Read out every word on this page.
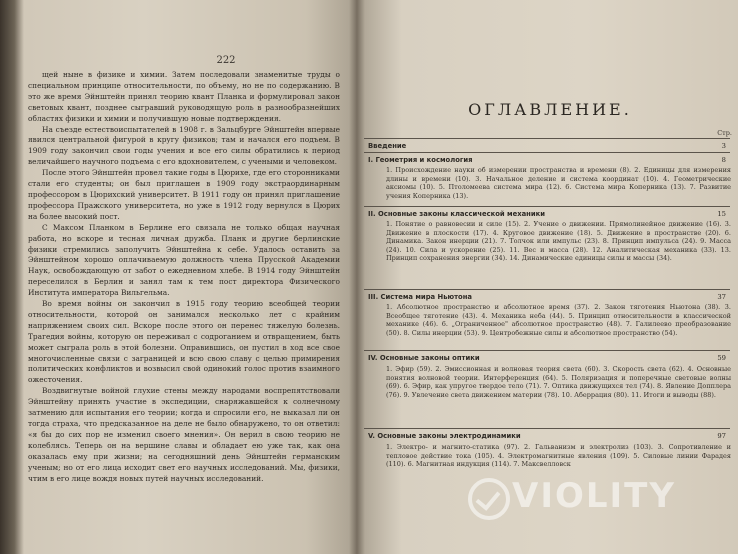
222

щей ныне в физике и химии. Затем последовали знаменитые труды о специальном принципе относительности, по объему, но не по содержанию. В это же время Эйнштейн принял теорию квант Планка и формулировал закон световых квант, позднее сыгравший руководящую роль в разнообразнейших областях физики и химии и получившую новые подтверждения.

На съезде естествоиспытателей в 1908 г. в Зальцбурге Эйнштейн впервые явился центральной фигурой в кругу физиков; там и начался его подъем. В 1909 году закончил свои годы учения и все его силы обратились к период величайшего научного подъема с его вдохновителем, с учеными и человеком.

После этого Эйнштейн провел такие годы в Цюрихе, где его сторонниками стали его студенты; он был приглашен в 1909 году экстраординарным профессором в Цюрихский университет. В 1911 году он принял приглашение профессора Пражского университета, но уже в 1912 году вернулся в Цюрих на более высокий пост.

С Максом Планком в Берлине его связала не только общая научная работа, но вскоре и тесная личная дружба. Планк и другие берлинские физики стремились заполучить Эйнштейна к себе. Удалось оставить за Эйнштейном хорошо оплачиваемую должность члена Прусской Академии Наук, освобождающую от забот о ежедневном хлебе. В 1914 году Эйнштейн переселился в Берлин и занял там к тем пост директора Физического Института императора Вильгельма.

Во время войны он закончил в 1915 году теорию всеобщей теории относительности, которой он занимался несколько лет с крайним напряжением своих сил. Вскоре после этого он перенес тяжелую болезнь. Трагедия войны, которую он переживал с содроганием и отвращением, быть может сыграла роль в этой болезни. Оправившись, он пустил в ход все свое многочисленные связи с заграницей и всю свою славу с целью примирения политических конфликтов и возвысил свой одинокий голос против взаимного ожесточения.

Воздвигнутые войной глухие стены между народами воспрепятствовали Эйнштейну принять участие в экспедиции, снаряжавшейся к солнечному затмению для испытания его теории; когда и спросили его, не выказал ли он тогда страха, что предсказанное на деле не было обнаружено, то он ответил: «я бы до сих пор не изменил своего мнения». Он верил в свою теорию не колеблясь. Теперь он на вершине славы и обладает ею уже так, как она оказалась ему при жизни; на сегодняшний день Эйнштейн германским ученым; но от его лица исходит свет его научных исследований. Мы, физики, чтим в его лице вождя новых путей научных исследований.

ОГЛАВЛЕНИЕ.
Стр.
Введение	3
I. Геометрия и космология	8

1. Происхождение науки об измерении пространства и времени (8). 2. Единицы для измерения длины и времени (10). 3. Начальное деление и система координат (10). 4. Геометрические аксиомы (10). 5. Птоломеева система мира (12). 6. Система мира Коперника (13). 7. Развитие учения Коперника (13).

II. Основные законы классической механики	15

1. Понятие о равновесии и силе (15). 2. Учение о движении. Прямолинейное движение (16). 3. Движение в плоскости (17). 4. Круговое движение (18). 5. Движение в пространстве (20). 6. Динамика. Закон инерции (21). 7. Толчок или импульс (23). 8. Принцип импульса (24). 9. Масса (24). 10. Сила и ускорение (25). 11. Вес и масса (28). 12. Аналитическая механика (33). 13. Принцип сохранения энергии (34). 14. Динамические единицы силы и массы (34).

III. Система мира Ньютона	37

1. Абсолютное пространство и абсолютное время (37). 2. Закон тяготения Ньютона (38). 3. Всеобщее тяготение (43). 4. Механика неба (44). 5. Принцип относительности в классической механике (46). 6. „Ограниченное" абсолютное пространство (48). 7. Галилеево преобразование (50). 8. Силы инерции (53). 9. Центробежные силы и абсолютное пространство (54).

IV. Основные законы оптики	59

1. Эфир (59). 2. Эмиссионная и волновая теория света (60). 3. Скорость света (62). 4. Основные понятия волновой теории. Интерференция (64). 5. Поляризация и поперечные световые волны (69). 6. Эфир, как упругое твердое тело (71). 7. Оптика движущихся тел (74). 8. Явление Допплера (76). 9. Увлечение света движением материи (78). 10. Аберрация (80). 11. Итоги и выводы (88).

V. Основные законы электродинамики	97

1. Электро- и магнито-статика (97). 2. Гальванизм и электролиз (103). 3. Сопротивление и тепловое действие тока (105). 4. Электромагнитные явления (109). 5. Силовые линии Фарадея (110). 6. Магнитная индукция (114). 7. Максвелловск

VIOLITY
